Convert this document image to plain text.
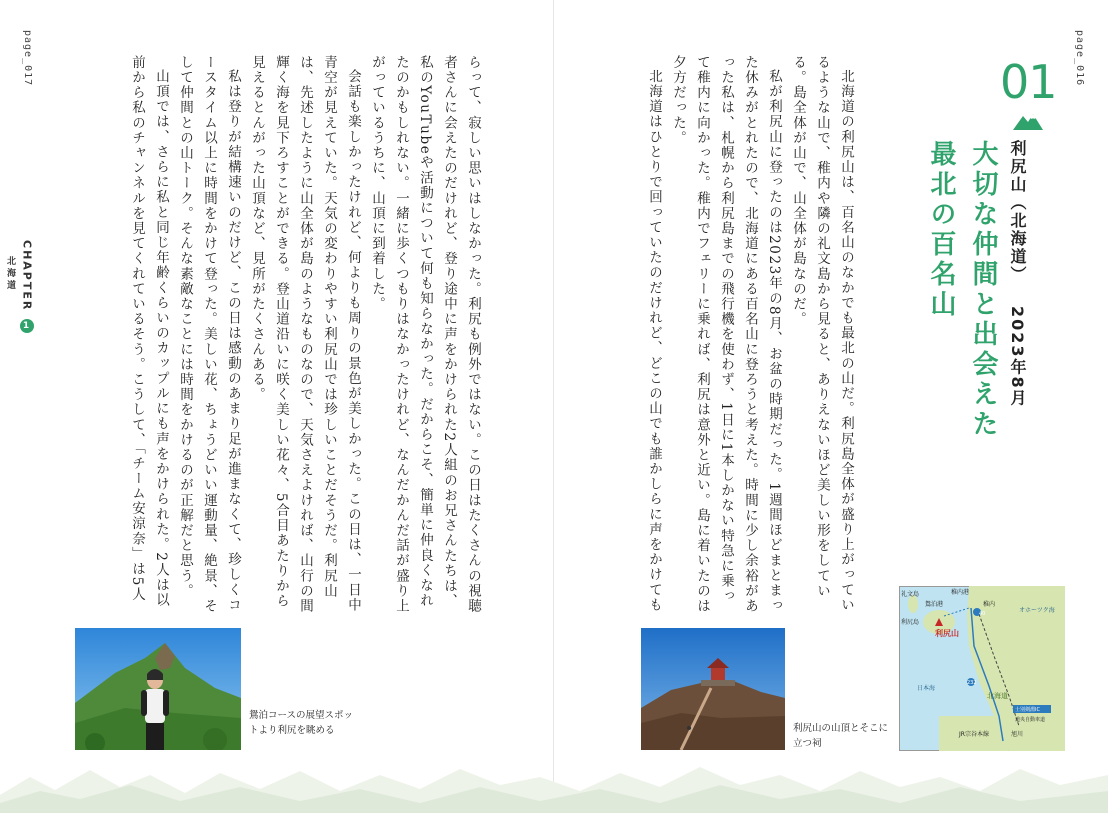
page_017	page_016
CHAPTER
1
北海道
01
利尻山（北海道） 2023年8月
大切な仲間と出会えた
最北の百名山

北海道の利尻山は、百名山のなかでも最北の山だ。利尻島全体が盛り上がっているような山で、稚内や隣の礼文島から見ると、ありえないほど美しい形をしている。島全体が山で、山全体が島なのだ。

私が利尻山に登ったのは2023年の8月、お盆の時期だった。1週間ほどまとまった休みがとれたので、北海道にある百名山に登ろうと考えた。時間に少し余裕があった私は、札幌から利尻島までの飛行機を使わず、1日に1本しかない特急に乗って稚内に向かった。稚内でフェリーに乗れば、利尻は意外と近い。島に着いたのは夕方だった。

北海道はひとりで回っていたのだけれど、どこの山でも誰かしらに声をかけても

らって、寂しい思いはしなかった。利尻も例外ではない。この日はたくさんの視聴者さんに会えたのだけれど、登り途中に声をかけられた2人組のお兄さんたちは、私のYouTubeや活動について何も知らなかった。だからこそ、簡単に仲良くなれたのかもしれない。一緒に歩くつもりはなかったけれど、なんだかんだ話が盛り上がっているうちに、山頂に到着した。

会話も楽しかったけれど、何よりも周りの景色が美しかった。この日は、一日中青空が見えていた。天気の変わりやすい利尻山では珍しいことだそうだ。利尻山は、先述したように山全体が島のようなものなので、天気さえよければ、山行の間輝く海を見下ろすことができる。登山道沿いに咲く美しい花々、5合目あたりから見えるとんがった山頂など、見所がたくさんある。

私は登りが結構速いのだけど、この日は感動のあまり足が進まなくて、珍しくコースタイム以上に時間をかけて登った。美しい花、ちょうどいい運動量、絶景、そして仲間との山トーク。そんな素敵なことには時間をかけるのが正解だと思う。

山頂では、さらに私と同じ年齢くらいのカップルにも声をかけられた。2人は以前から私のチャンネルを見てくれているそう。こうして、「チーム安涼奈」は5人

鴛泊コースの展望スポットより利尻を眺める	利尻山の山頂とそこに立つ祠
礼文島	稚内港
稚内
鴛泊港
利尻島
利尻山
オホーツク海
日本海
北海道
40
232
士別剣淵IC
道央自動車道
JR宗谷本線	旭川
